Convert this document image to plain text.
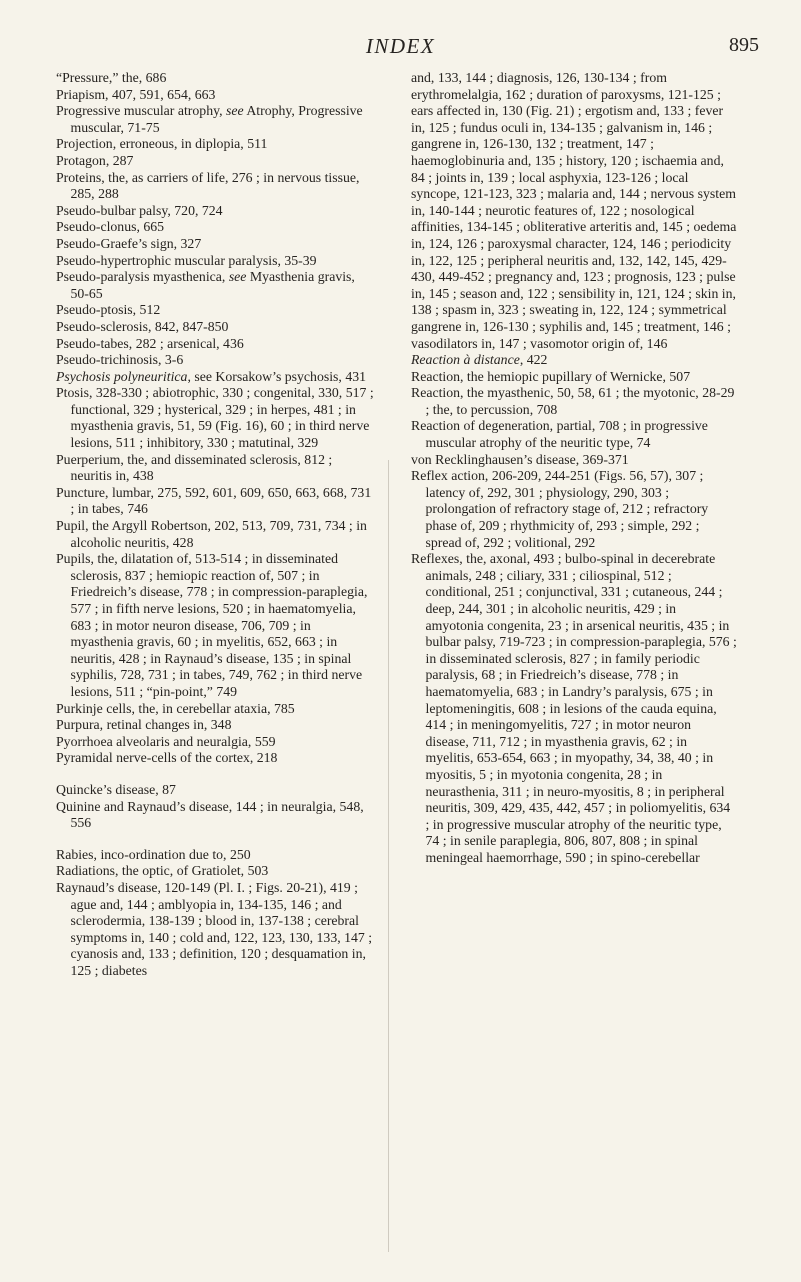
INDEX	895

“Pressure,” the, 686

Priapism, 407, 591, 654, 663

Progressive muscular atrophy, see Atrophy, Progressive muscular, 71-75

Projection, erroneous, in diplopia, 511

Protagon, 287

Proteins, the, as carriers of life, 276 ; in nervous tissue, 285, 288

Pseudo-bulbar palsy, 720, 724

Pseudo-clonus, 665

Pseudo-Graefe’s sign, 327

Pseudo-hypertrophic muscular paralysis, 35-39

Pseudo-paralysis myasthenica, see Myasthenia gravis, 50-65

Pseudo-ptosis, 512

Pseudo-sclerosis, 842, 847-850

Pseudo-tabes, 282 ; arsenical, 436

Pseudo-trichinosis, 3-6

Psychosis polyneuritica, see Korsakow’s psychosis, 431

Ptosis, 328-330 ; abiotrophic, 330 ; congenital, 330, 517 ; functional, 329 ; hysterical, 329 ; in herpes, 481 ; in myasthenia gravis, 51, 59 (Fig. 16), 60 ; in third nerve lesions, 511 ; inhibitory, 330 ; matutinal, 329

Puerperium, the, and disseminated sclerosis, 812 ; neuritis in, 438

Puncture, lumbar, 275, 592, 601, 609, 650, 663, 668, 731 ; in tabes, 746

Pupil, the Argyll Robertson, 202, 513, 709, 731, 734 ; in alcoholic neuritis, 428

Pupils, the, dilatation of, 513-514 ; in disseminated sclerosis, 837 ; hemiopic reaction of, 507 ; in Friedreich’s disease, 778 ; in compression-paraplegia, 577 ; in fifth nerve lesions, 520 ; in haematomyelia, 683 ; in motor neuron disease, 706, 709 ; in myasthenia gravis, 60 ; in myelitis, 652, 663 ; in neuritis, 428 ; in Raynaud’s disease, 135 ; in spinal syphilis, 728, 731 ; in tabes, 749, 762 ; in third nerve lesions, 511 ; “pin-point,” 749

Purkinje cells, the, in cerebellar ataxia, 785

Purpura, retinal changes in, 348

Pyorrhoea alveolaris and neuralgia, 559

Pyramidal nerve-cells of the cortex, 218

Quincke’s disease, 87

Quinine and Raynaud’s disease, 144 ; in neuralgia, 548, 556

Rabies, inco-ordination due to, 250

Radiations, the optic, of Gratiolet, 503

Raynaud’s disease, 120-149 (Pl. I. ; Figs. 20-21), 419 ; ague and, 144 ; amblyopia in, 134-135, 146 ; and sclerodermia, 138-139 ; blood in, 137-138 ; cerebral symptoms in, 140 ; cold and, 122, 123, 130, 133, 147 ; cyanosis and, 133 ; definition, 120 ; desquamation in, 125 ; diabetes

and, 133, 144 ; diagnosis, 126, 130-134 ; from erythromelalgia, 162 ; duration of paroxysms, 121-125 ; ears affected in, 130 (Fig. 21) ; ergotism and, 133 ; fever in, 125 ; fundus oculi in, 134-135 ; galvanism in, 146 ; gangrene in, 126-130, 132 ; treatment, 147 ; haemoglobinuria and, 135 ; history, 120 ; ischaemia and, 84 ; joints in, 139 ; local asphyxia, 123-126 ; local syncope, 121-123, 323 ; malaria and, 144 ; nervous system in, 140-144 ; neurotic features of, 122 ; nosological affinities, 134-145 ; obliterative arteritis and, 145 ; oedema in, 124, 126 ; paroxysmal character, 124, 146 ; periodicity in, 122, 125 ; peripheral neuritis and, 132, 142, 145, 429-430, 449-452 ; pregnancy and, 123 ; prognosis, 123 ; pulse in, 145 ; season and, 122 ; sensibility in, 121, 124 ; skin in, 138 ; spasm in, 323 ; sweating in, 122, 124 ; symmetrical gangrene in, 126-130 ; syphilis and, 145 ; treatment, 146 ; vasodilators in, 147 ; vasomotor origin of, 146

Reaction à distance, 422

Reaction, the hemiopic pupillary of Wernicke, 507

Reaction, the myasthenic, 50, 58, 61 ; the myotonic, 28-29 ; the, to percussion, 708

Reaction of degeneration, partial, 708 ; in progressive muscular atrophy of the neuritic type, 74

von Recklinghausen’s disease, 369-371

Reflex action, 206-209, 244-251 (Figs. 56, 57), 307 ; latency of, 292, 301 ; physiology, 290, 303 ; prolongation of refractory stage of, 212 ; refractory phase of, 209 ; rhythmicity of, 293 ; simple, 292 ; spread of, 292 ; volitional, 292

Reflexes, the, axonal, 493 ; bulbo-spinal in decerebrate animals, 248 ; ciliary, 331 ; ciliospinal, 512 ; conditional, 251 ; conjunctival, 331 ; cutaneous, 244 ; deep, 244, 301 ; in alcoholic neuritis, 429 ; in amyotonia congenita, 23 ; in arsenical neuritis, 435 ; in bulbar palsy, 719-723 ; in compression-paraplegia, 576 ; in disseminated sclerosis, 827 ; in family periodic paralysis, 68 ; in Friedreich’s disease, 778 ; in haematomyelia, 683 ; in Landry’s paralysis, 675 ; in leptomeningitis, 608 ; in lesions of the cauda equina, 414 ; in meningomyelitis, 727 ; in motor neuron disease, 711, 712 ; in myasthenia gravis, 62 ; in myelitis, 653-654, 663 ; in myopathy, 34, 38, 40 ; in myositis, 5 ; in myotonia congenita, 28 ; in neurasthenia, 311 ; in neuro-myositis, 8 ; in peripheral neuritis, 309, 429, 435, 442, 457 ; in poliomyelitis, 634 ; in progressive muscular atrophy of the neuritic type, 74 ; in senile paraplegia, 806, 807, 808 ; in spinal meningeal haemorrhage, 590 ; in spino-cerebellar
